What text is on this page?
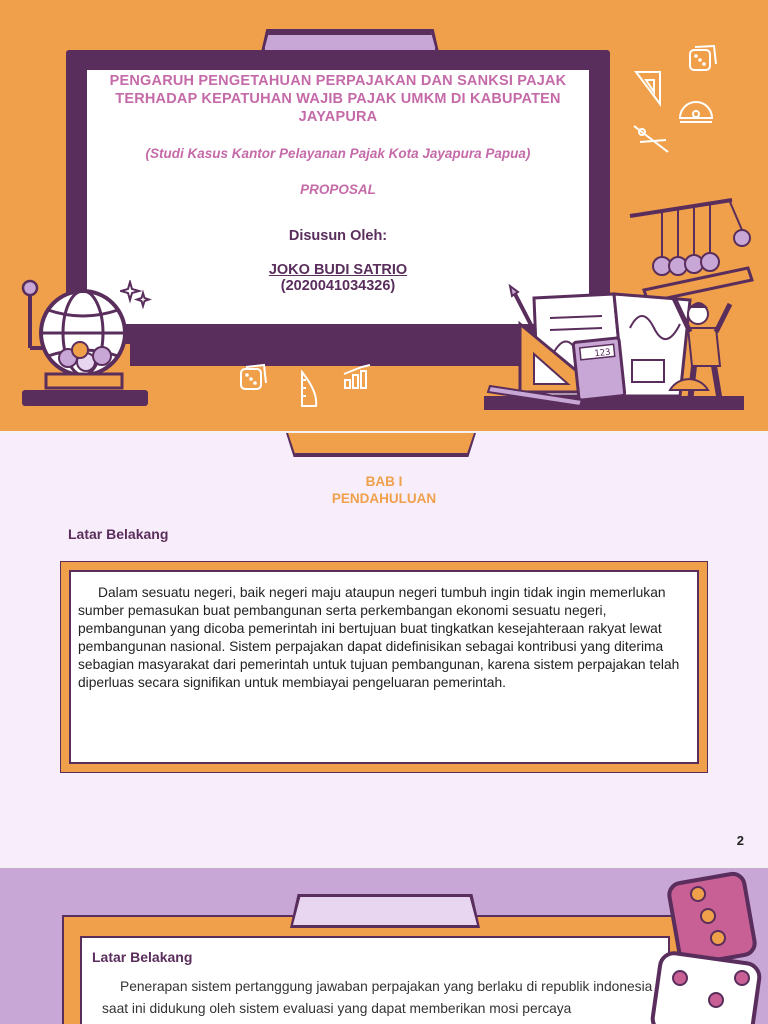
PENGARUH PENGETAHUAN PERPAJAKAN DAN SANKSI PAJAK TERHADAP KEPATUHAN WAJIB PAJAK UMKM DI KABUPATEN JAYAPURA
(Studi Kasus Kantor Pelayanan Pajak Kota Jayapura Papua)
PROPOSAL
Disusun Oleh:
JOKO BUDI SATRIO
(2020041034326)
123
BAB I
PENDAHULUAN
Latar Belakang
Dalam sesuatu negeri, baik negeri maju ataupun negeri tumbuh ingin tidak ingin memerlukan sumber pemasukan buat pembangunan serta perkembangan ekonomi sesuatu negeri, pembangunan yang dicoba pemerintah ini bertujuan buat tingkatkan kesejahteraan rakyat lewat pembangunan nasional. Sistem perpajakan dapat didefinisikan sebagai kontribusi yang diterima sebagian masyarakat dari pemerintah untuk tujuan pembangunan, karena sistem perpajakan telah diperluas secara signifikan untuk membiayai pengeluaran pemerintah.
2
Latar Belakang
Penerapan sistem pertanggung jawaban perpajakan yang berlaku di republik indonesia saat ini didukung oleh sistem evaluasi yang dapat memberikan mosi percaya
